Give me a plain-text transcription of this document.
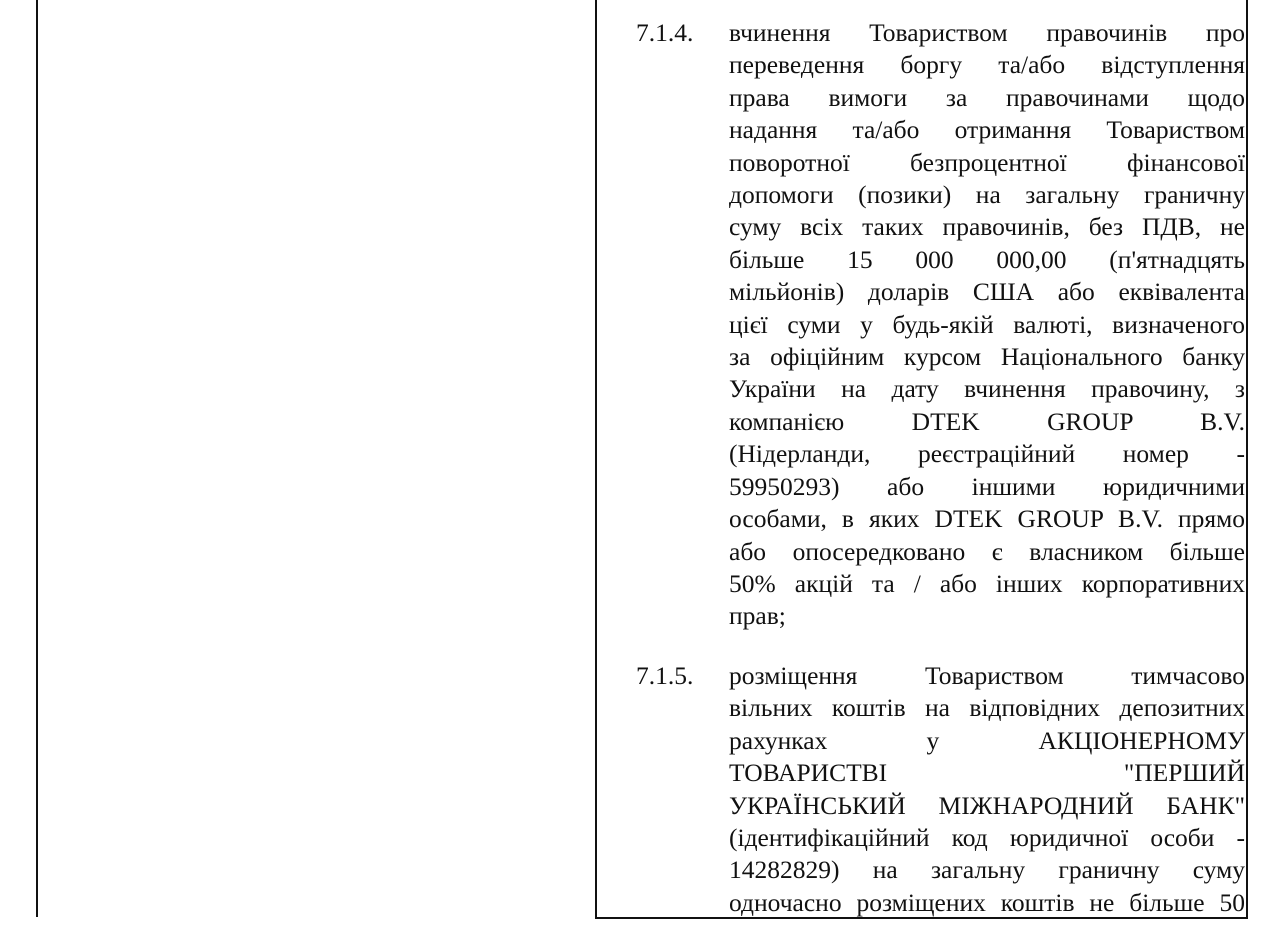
7.1.4. вчинення Товариством правочинів про
переведення боргу та/або відступлення
права вимоги за правочинами щодо
надання та/або отримання Товариством
поворотної безпроцентної фінансової
допомоги (позики) на загальну граничну
суму всіх таких правочинів, без ПДВ, не
більше 15 000 000,00 (п'ятнадцять
мільйонів) доларів США або еквівалента
цієї суми у будь-якій валюті, визначеного
за офіційним курсом Національного банку
України на дату вчинення правочину, з
компанією DTEK GROUP B.V.
(Нідерланди, реєстраційний номер -
59950293) або іншими юридичними
особами, в яких DTEK GROUP B.V. прямо
або опосередковано є власником більше
50% акцій та / або інших корпоративних
прав;
7.1.5. розміщення Товариством тимчасово
вільних коштів на відповідних депозитних
рахунках у АКЦІОНЕРНОМУ
ТОВАРИСТВІ "ПЕРШИЙ
УКРАЇНСЬКИЙ МІЖНАРОДНИЙ БАНК"
(ідентифікаційний код юридичної особи -
14282829) на загальну граничну суму
одночасно розміщених коштів не більше 50
